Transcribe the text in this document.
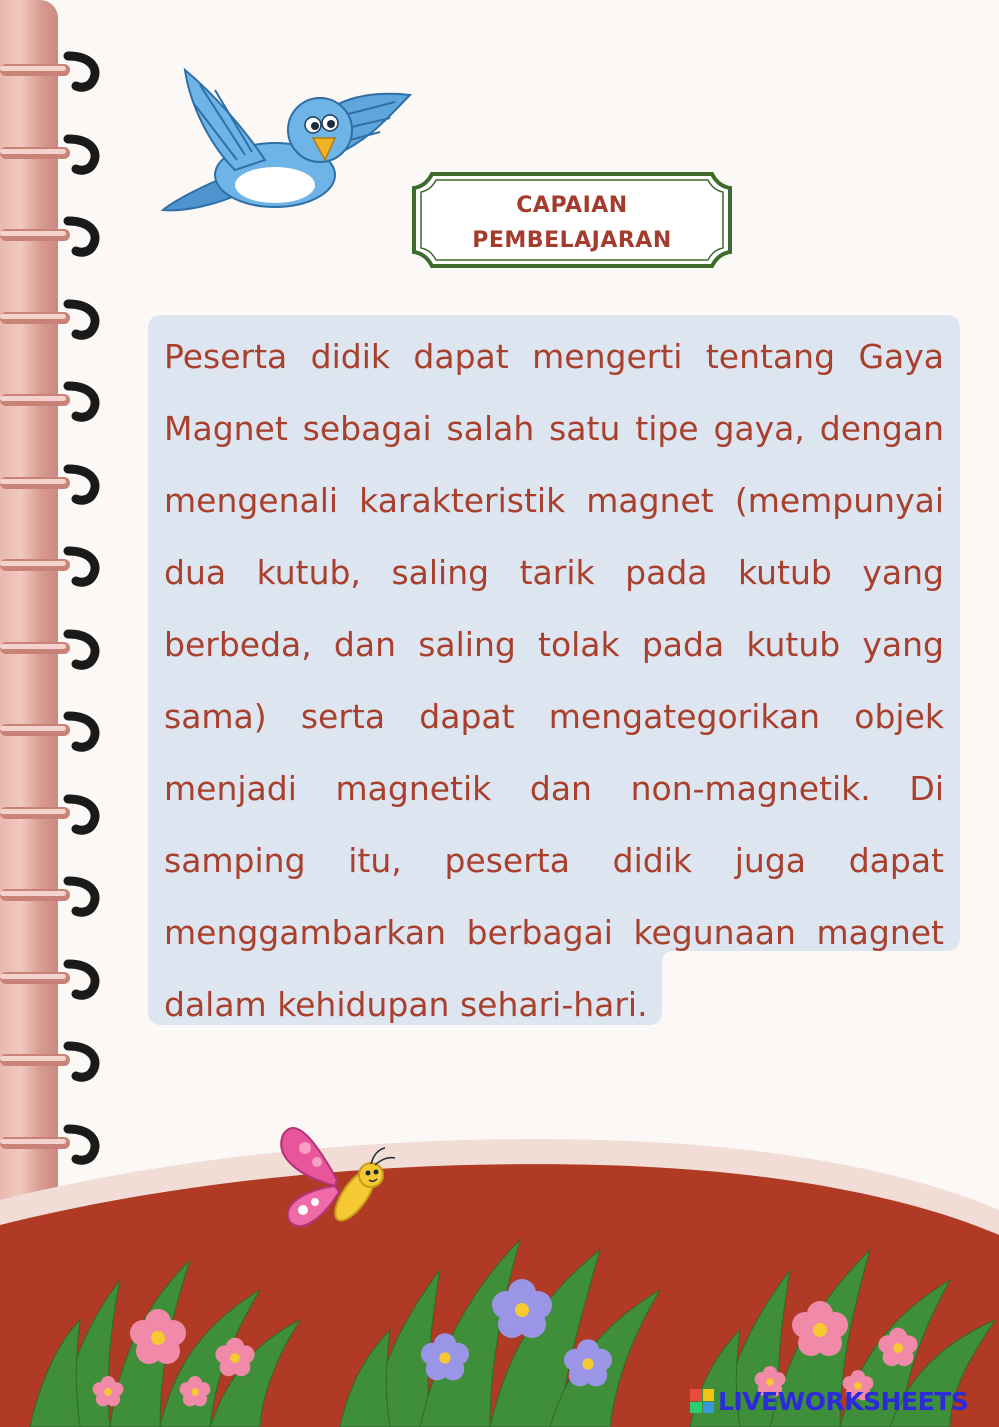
CAPAIAN
PEMBELAJARAN
Peserta didik dapat mengerti tentang Gaya Magnet sebagai salah satu tipe gaya, dengan mengenali karakteristik magnet (mempunyai dua kutub, saling tarik pada kutub yang berbeda, dan saling tolak pada kutub yang sama) serta dapat mengategorikan objek menjadi magnetik dan non-magnetik. Di samping itu, peserta didik juga dapat menggambarkan berbagai kegunaan magnet
dalam kehidupan sehari-hari.
LIVEWORKSHEETS
